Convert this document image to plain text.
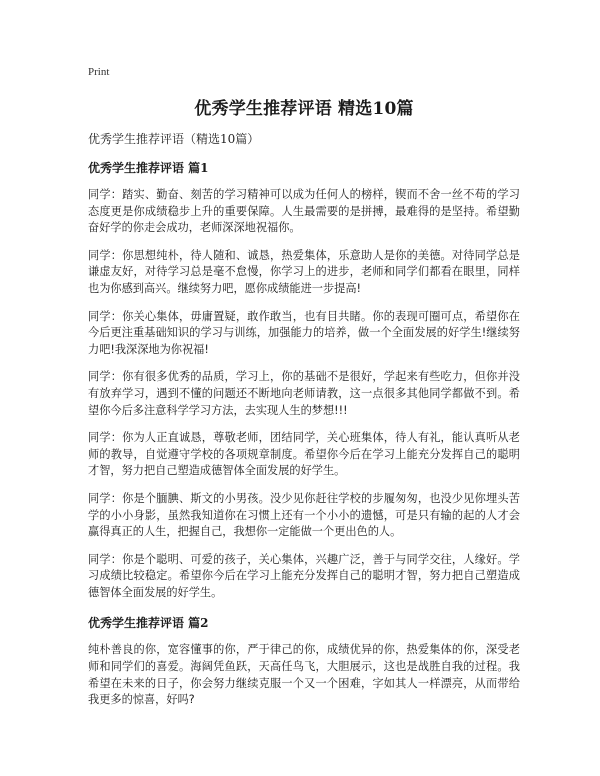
Print
优秀学生推荐评语 精选10篇
优秀学生推荐评语（精选10篇）
优秀学生推荐评语 篇1

同学：踏实、勤奋、刻苦的学习精神可以成为任何人的榜样，锲而不舍一丝不苟的学习态度更是你成绩稳步上升的重要保障。人生最需要的是拼搏，最难得的是坚持。希望勤奋好学的你走会成功，老师深深地祝福你。

同学：你思想纯朴，待人随和、诚恳，热爱集体，乐意助人是你的美德。对待同学总是谦虚友好，对待学习总是毫不怠慢，你学习上的进步，老师和同学们都看在眼里，同样也为你感到高兴。继续努力吧，愿你成绩能进一步提高!

同学：你关心集体，毋庸置疑，敢作敢当，也有目共睹。你的表现可圈可点，希望你在今后更注重基础知识的学习与训练，加强能力的培养，做一个全面发展的好学生!继续努力吧!我深深地为你祝福!

同学：你有很多优秀的品质，学习上，你的基础不是很好，学起来有些吃力，但你并没有放弃学习，遇到不懂的问题还不断地向老师请教，这一点很多其他同学都做不到。希望你今后多注意科学学习方法，去实现人生的梦想!!!

同学：你为人正直诚恳，尊敬老师，团结同学，关心班集体，待人有礼，能认真听从老师的教导，自觉遵守学校的各项规章制度。希望你今后在学习上能充分发挥自己的聪明才智，努力把自己塑造成德智体全面发展的好学生。

同学：你是个腼腆、斯文的小男孩。没少见你赶往学校的步履匆匆，也没少见你埋头苦学的小小身影，虽然我知道你在习惯上还有一个小小的遗憾，可是只有输的起的人才会赢得真正的人生，把握自己，我想你一定能做一个更出色的人。

同学：你是个聪明、可爱的孩子，关心集体，兴趣广泛，善于与同学交往，人缘好。学习成绩比较稳定。希望你今后在学习上能充分发挥自己的聪明才智，努力把自己塑造成德智体全面发展的好学生。

优秀学生推荐评语 篇2

纯朴善良的你，宽容懂事的你，严于律己的你，成绩优异的你，热爱集体的你，深受老师和同学们的喜爱。海阔凭鱼跃，天高任鸟飞，大胆展示，这也是战胜自我的过程。我希望在未来的日子，你会努力继续克服一个又一个困难，字如其人一样漂亮，从而带给我更多的惊喜，好吗?
